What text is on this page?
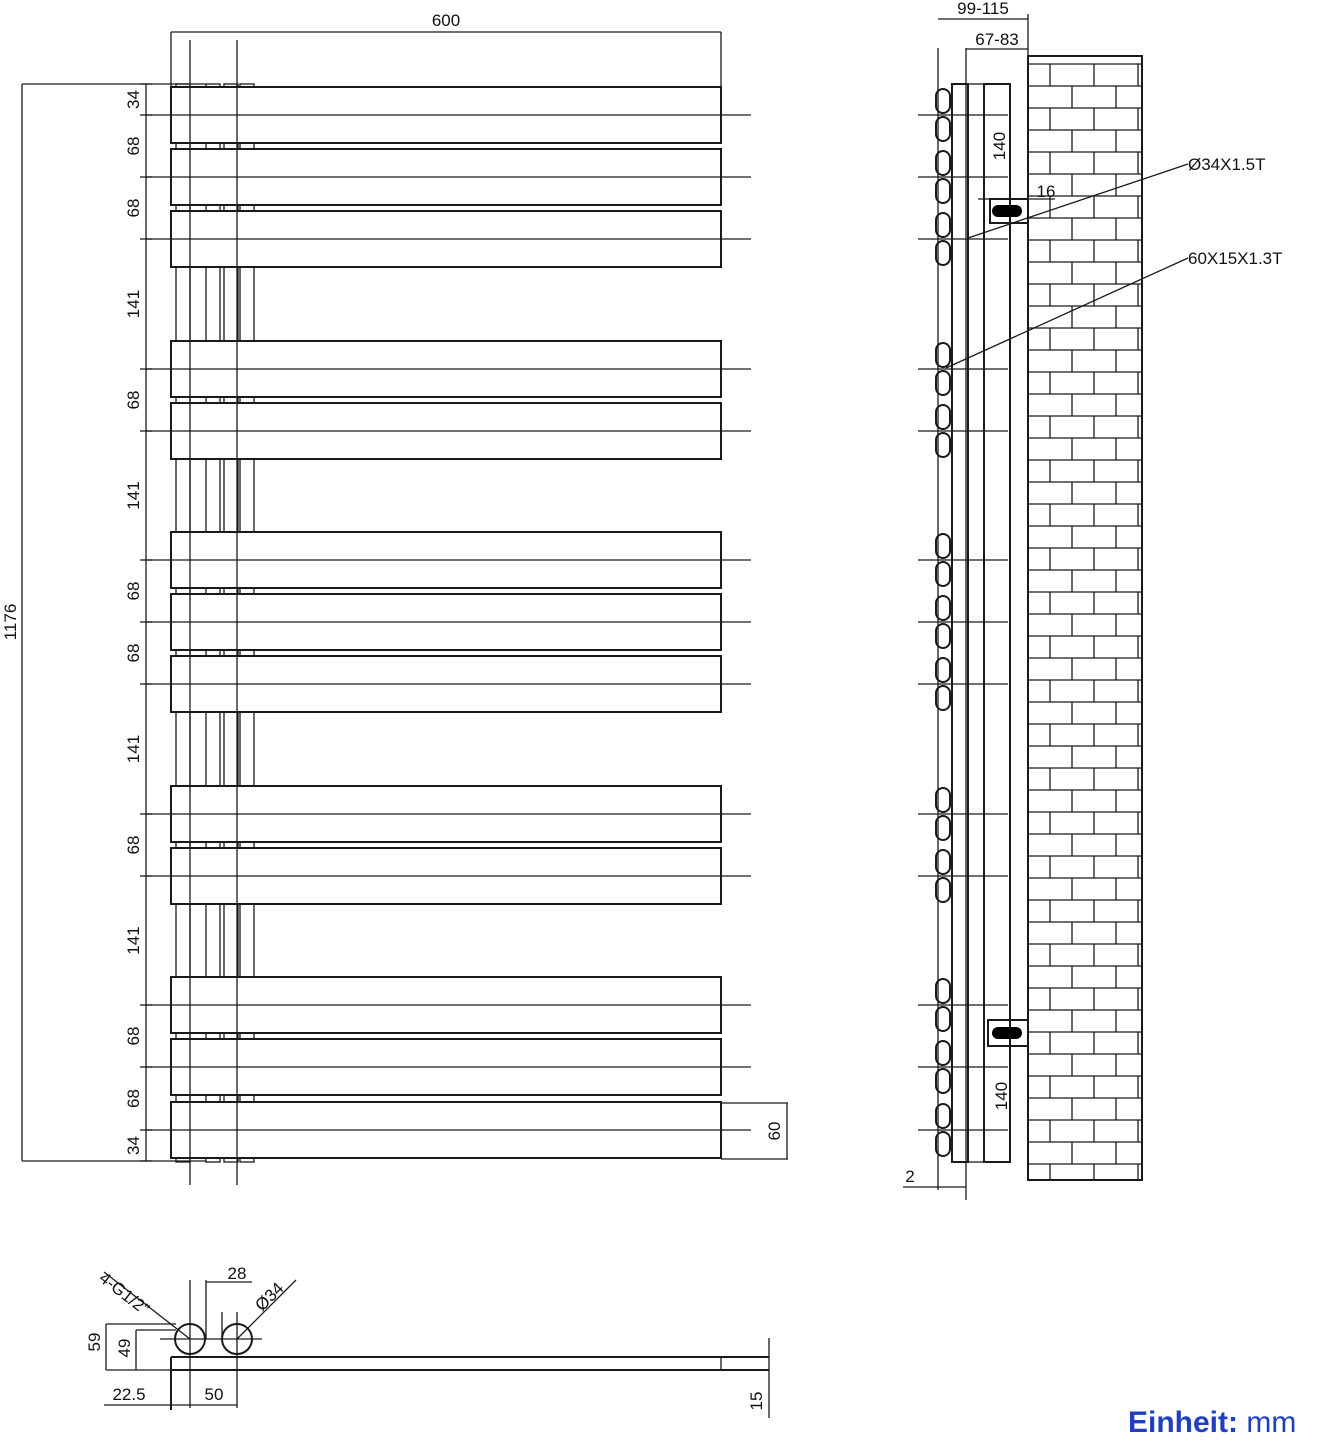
600
1176
34
68
68
141
68
141
68
68
141
68
141
68
68
34
60
99-115
67-83
140
140
16
Ø34X1.5T
60X15X1.3T
2
28
4-G1/2”	Ø34
59 49
22.5	50	15
Einheit: mm
